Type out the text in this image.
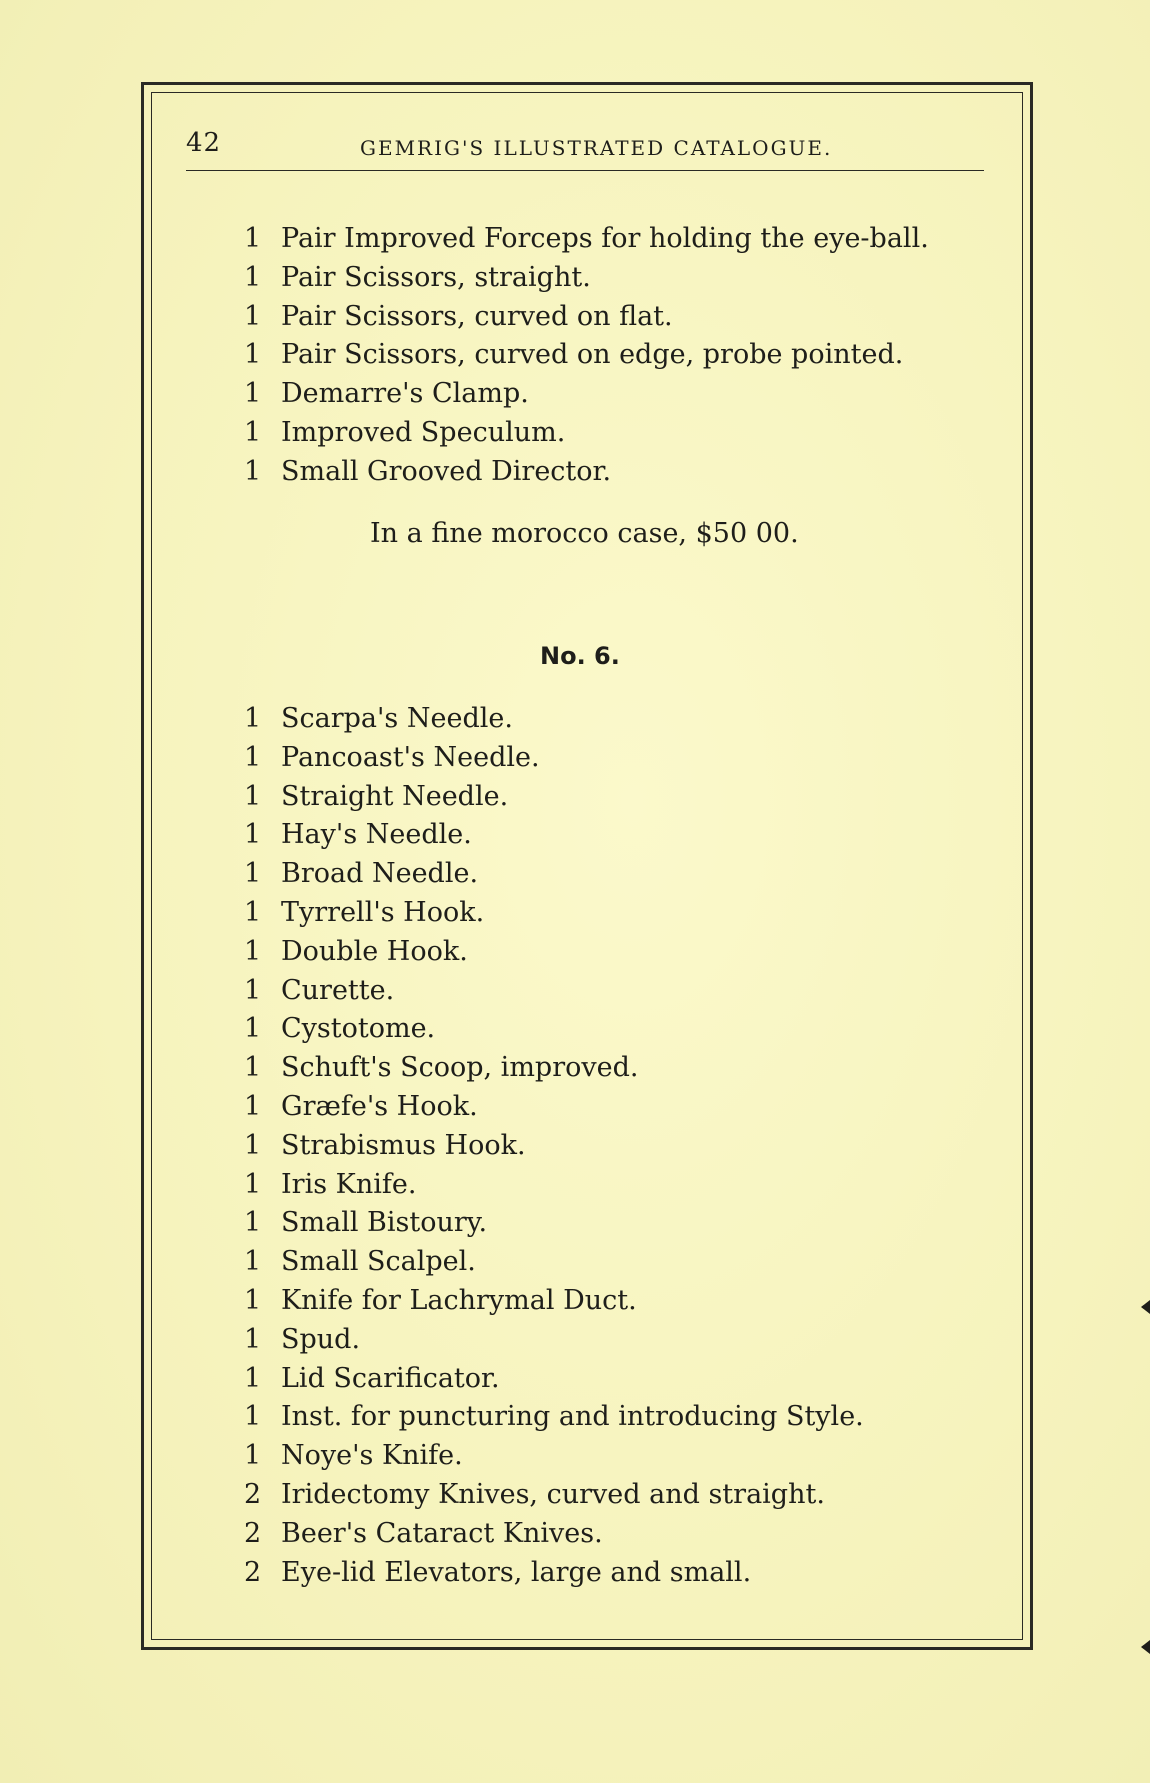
42	GEMRIG'S ILLUSTRATED CATALOGUE.
1 Pair Improved Forceps for holding the eye-ball.
1 Pair Scissors, straight.
1 Pair Scissors, curved on flat.
1 Pair Scissors, curved on edge, probe pointed.
1 Demarre's Clamp.
1 Improved Speculum.
1 Small Grooved Director.
In a fine morocco case, $50 00.
No. 6.
1 Scarpa's Needle.
1 Pancoast's Needle.
1 Straight Needle.
1 Hay's Needle.
1 Broad Needle.
1 Tyrrell's Hook.
1 Double Hook.
1 Curette.
1 Cystotome.
1 Schuft's Scoop, improved.
1 Græfe's Hook.
1 Strabismus Hook.
1 Iris Knife.
1 Small Bistoury.
1 Small Scalpel.
1 Knife for Lachrymal Duct.
1 Spud.
1 Lid Scarificator.
1 Inst. for puncturing and introducing Style.
1 Noye's Knife.
2 Iridectomy Knives, curved and straight.
2 Beer's Cataract Knives.
2 Eye-lid Elevators, large and small.
